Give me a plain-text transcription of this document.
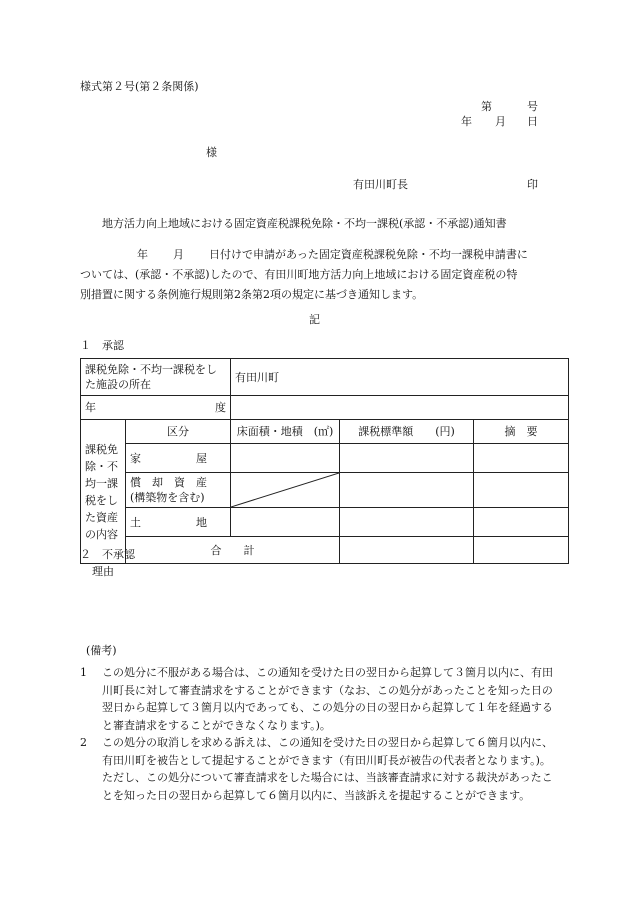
様式第２号(第２条関係)
第	号
年 月 日
様
有田川町長	印
地方活力向上地域における固定資産税課税免除・不均一課税(承認・不承認)通知書
年 月 日付けで申請があった固定資産税課税免除・不均一課税申請書に
ついては、(承認・不承認)したので、有田川町地方活力向上地域における固定資産税の特
別措置に関する条例施行規則第2条第2項の規定に基づき通知します。
記
１　承認
課税免除・不均一課税をした施設の所在		有田川町		

年 度				

課税免除・不均一課税をした資産の内容	区分	床面積・地積　(㎡)	課税標準額　　(円)	摘　要
	家　　　　　屋			

	償　却　資　産
(構築物を含む)

	土　　　　　地			
	合　　計			
２　不承認
理由
(備考)
1 この処分に不服がある場合は、この通知を受けた日の翌日から起算して３箇月以内に、有田川町長に対して審査請求をすることができます（なお、この処分があったことを知った日の翌日から起算して３箇月以内であっても、この処分の日の翌日から起算して１年を経過すると審査請求をすることができなくなります。)。
2 この処分の取消しを求める訴えは、この通知を受けた日の翌日から起算して６箇月以内に、有田川町を被告として提起することができます（有田川町長が被告の代表者となります。)。ただし、この処分について審査請求をした場合には、当該審査請求に対する裁決があったことを知った日の翌日から起算して６箇月以内に、当該訴えを提起することができます。
